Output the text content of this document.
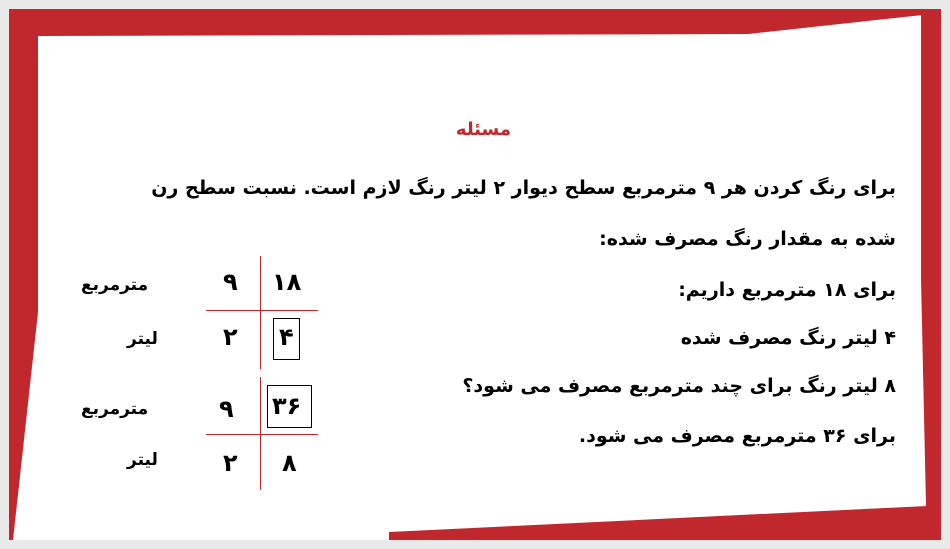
مسئله
برای رنگ کردن هر ۹ مترمربع سطح دیوار ۲ لیتر رنگ لازم است. نسبت سطح رن
شده به مقدار رنگ مصرف شده:
برای ۱۸ مترمربع داریم:
۴ لیتر رنگ مصرف شده
۸ لیتر رنگ برای چند مترمربع مصرف می شود؟
برای ۳۶ مترمربع مصرف می شود.
مترمربع
لیتر
۹
۲
۱۸
۴
مترمربع
لیتر
۹
۲
۳۶
۸
